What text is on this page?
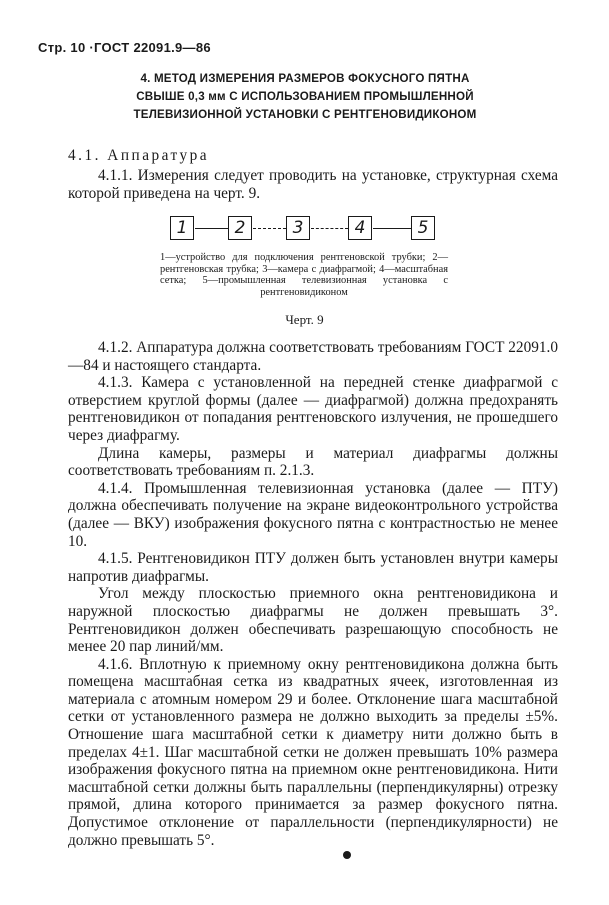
Стр. 10 ·ГОСТ 22091.9—86
4. МЕТОД ИЗМЕРЕНИЯ РАЗМЕРОВ ФОКУСНОГО ПЯТНА
СВЫШЕ 0,3 мм С ИСПОЛЬЗОВАНИЕМ ПРОМЫШЛЕННОЙ
ТЕЛЕВИЗИОННОЙ УСТАНОВКИ С РЕНТГЕНОВИДИКОНОМ
4.1. Аппаратура

4.1.1. Измерения следует проводить на установке, структурная схема которой приведена на черт. 9.

1	2	3	4	5
1—устройство для подключения рентгеновской трубки; 2—рентгеновская трубка; 3—камера с диафрагмой; 4—масштабная сетка; 5—промышленная телевизионная установка с рентгеновидиконом
Черт. 9

4.1.2. Аппаратура должна соответствовать требованиям ГОСТ 22091.0—84 и настоящего стандарта.

4.1.3. Камера с установленной на передней стенке диафрагмой с отверстием круглой формы (далее — диафрагмой) должна предохранять рентгеновидикон от попадания рентгеновского излучения, не прошедшего через диафрагму.

Длина камеры, размеры и материал диафрагмы должны соответствовать требованиям п. 2.1.3.

4.1.4. Промышленная телевизионная установка (далее — ПТУ) должна обеспечивать получение на экране видеоконтрольного устройства (далее — ВКУ) изображения фокусного пятна с контрастностью не менее 10.

4.1.5. Рентгеновидикон ПТУ должен быть установлен внутри камеры напротив диафрагмы.

Угол между плоскостью приемного окна рентгеновидикона и наружной плоскостью диафрагмы не должен превышать 3°. Рентгеновидикон должен обеспечивать разрешающую способность не менее 20 пар линий/мм.

4.1.6. Вплотную к приемному окну рентгеновидикона должна быть помещена масштабная сетка из квадратных ячеек, изготовленная из материала с атомным номером 29 и более. Отклонение шага масштабной сетки от установленного размера не должно выходить за пределы ±5%. Отношение шага масштабной сетки к диаметру нити должно быть в пределах 4±1. Шаг масштабной сетки не должен превышать 10% размера изображения фокусного пятна на приемном окне рентгеновидикона. Нити масштабной сетки должны быть параллельны (перпендикулярны) отрезку прямой, длина которого принимается за размер фокусного пятна. Допустимое отклонение от параллельности (перпендикулярности) не должно превышать 5°.
